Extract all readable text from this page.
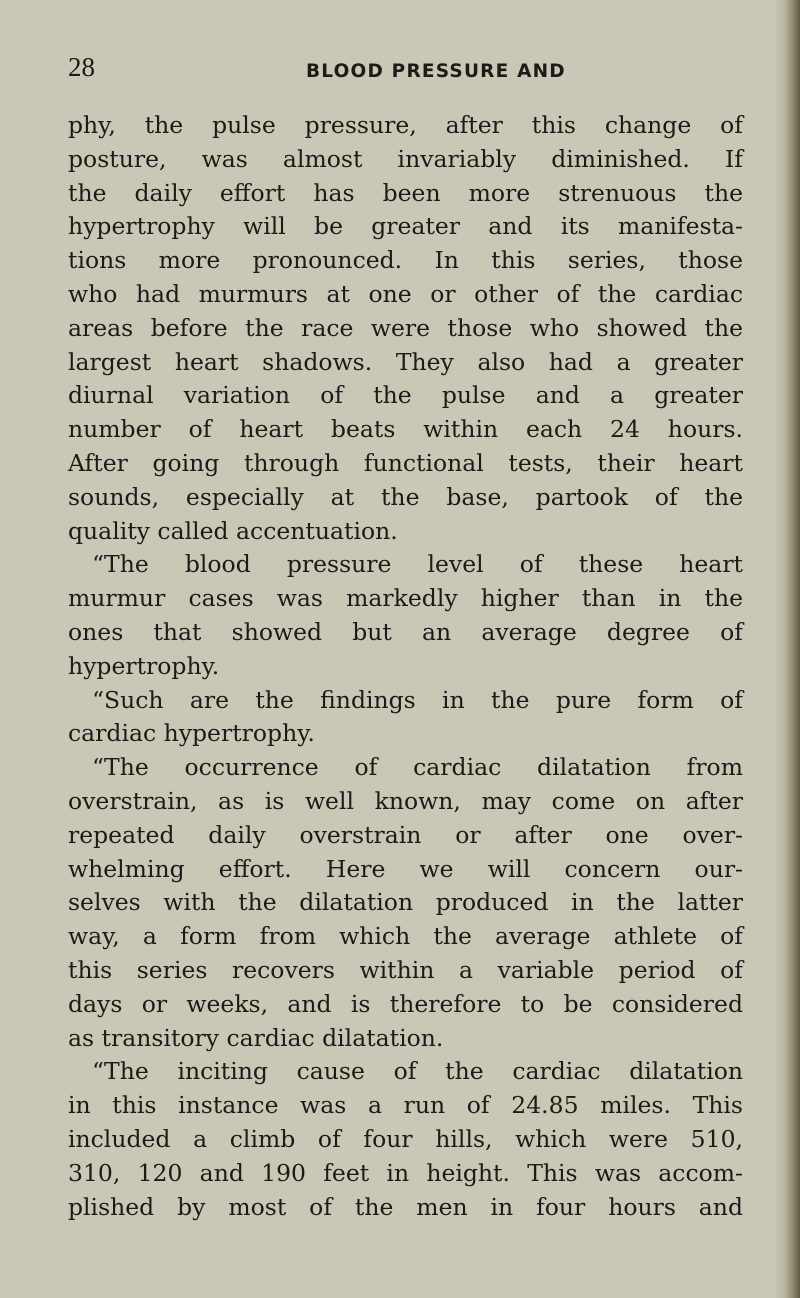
28	BLOOD PRESSURE AND
phy, the pulse pressure, after this change of
posture, was almost invariably diminished. If
the daily effort has been more strenuous the
hypertrophy will be greater and its manifesta-
tions more pronounced. In this series, those
who had murmurs at one or other of the cardiac
areas before the race were those who showed the
largest heart shadows. They also had a greater
diurnal variation of the pulse and a greater
number of heart beats within each 24 hours.
After going through functional tests, their heart
sounds, especially at the base, partook of the
quality called accentuation.
“The blood pressure level of these heart
murmur cases was markedly higher than in the
ones that showed but an average degree of
hypertrophy.
“Such are the findings in the pure form of
cardiac hypertrophy.
“The occurrence of cardiac dilatation from
overstrain, as is well known, may come on after
repeated daily overstrain or after one over-
whelming effort. Here we will concern our-
selves with the dilatation produced in the latter
way, a form from which the average athlete of
this series recovers within a variable period of
days or weeks, and is therefore to be considered
as transitory cardiac dilatation.
“The inciting cause of the cardiac dilatation
in this instance was a run of 24.85 miles. This
included a climb of four hills, which were 510,
310, 120 and 190 feet in height. This was accom-
plished by most of the men in four hours and
